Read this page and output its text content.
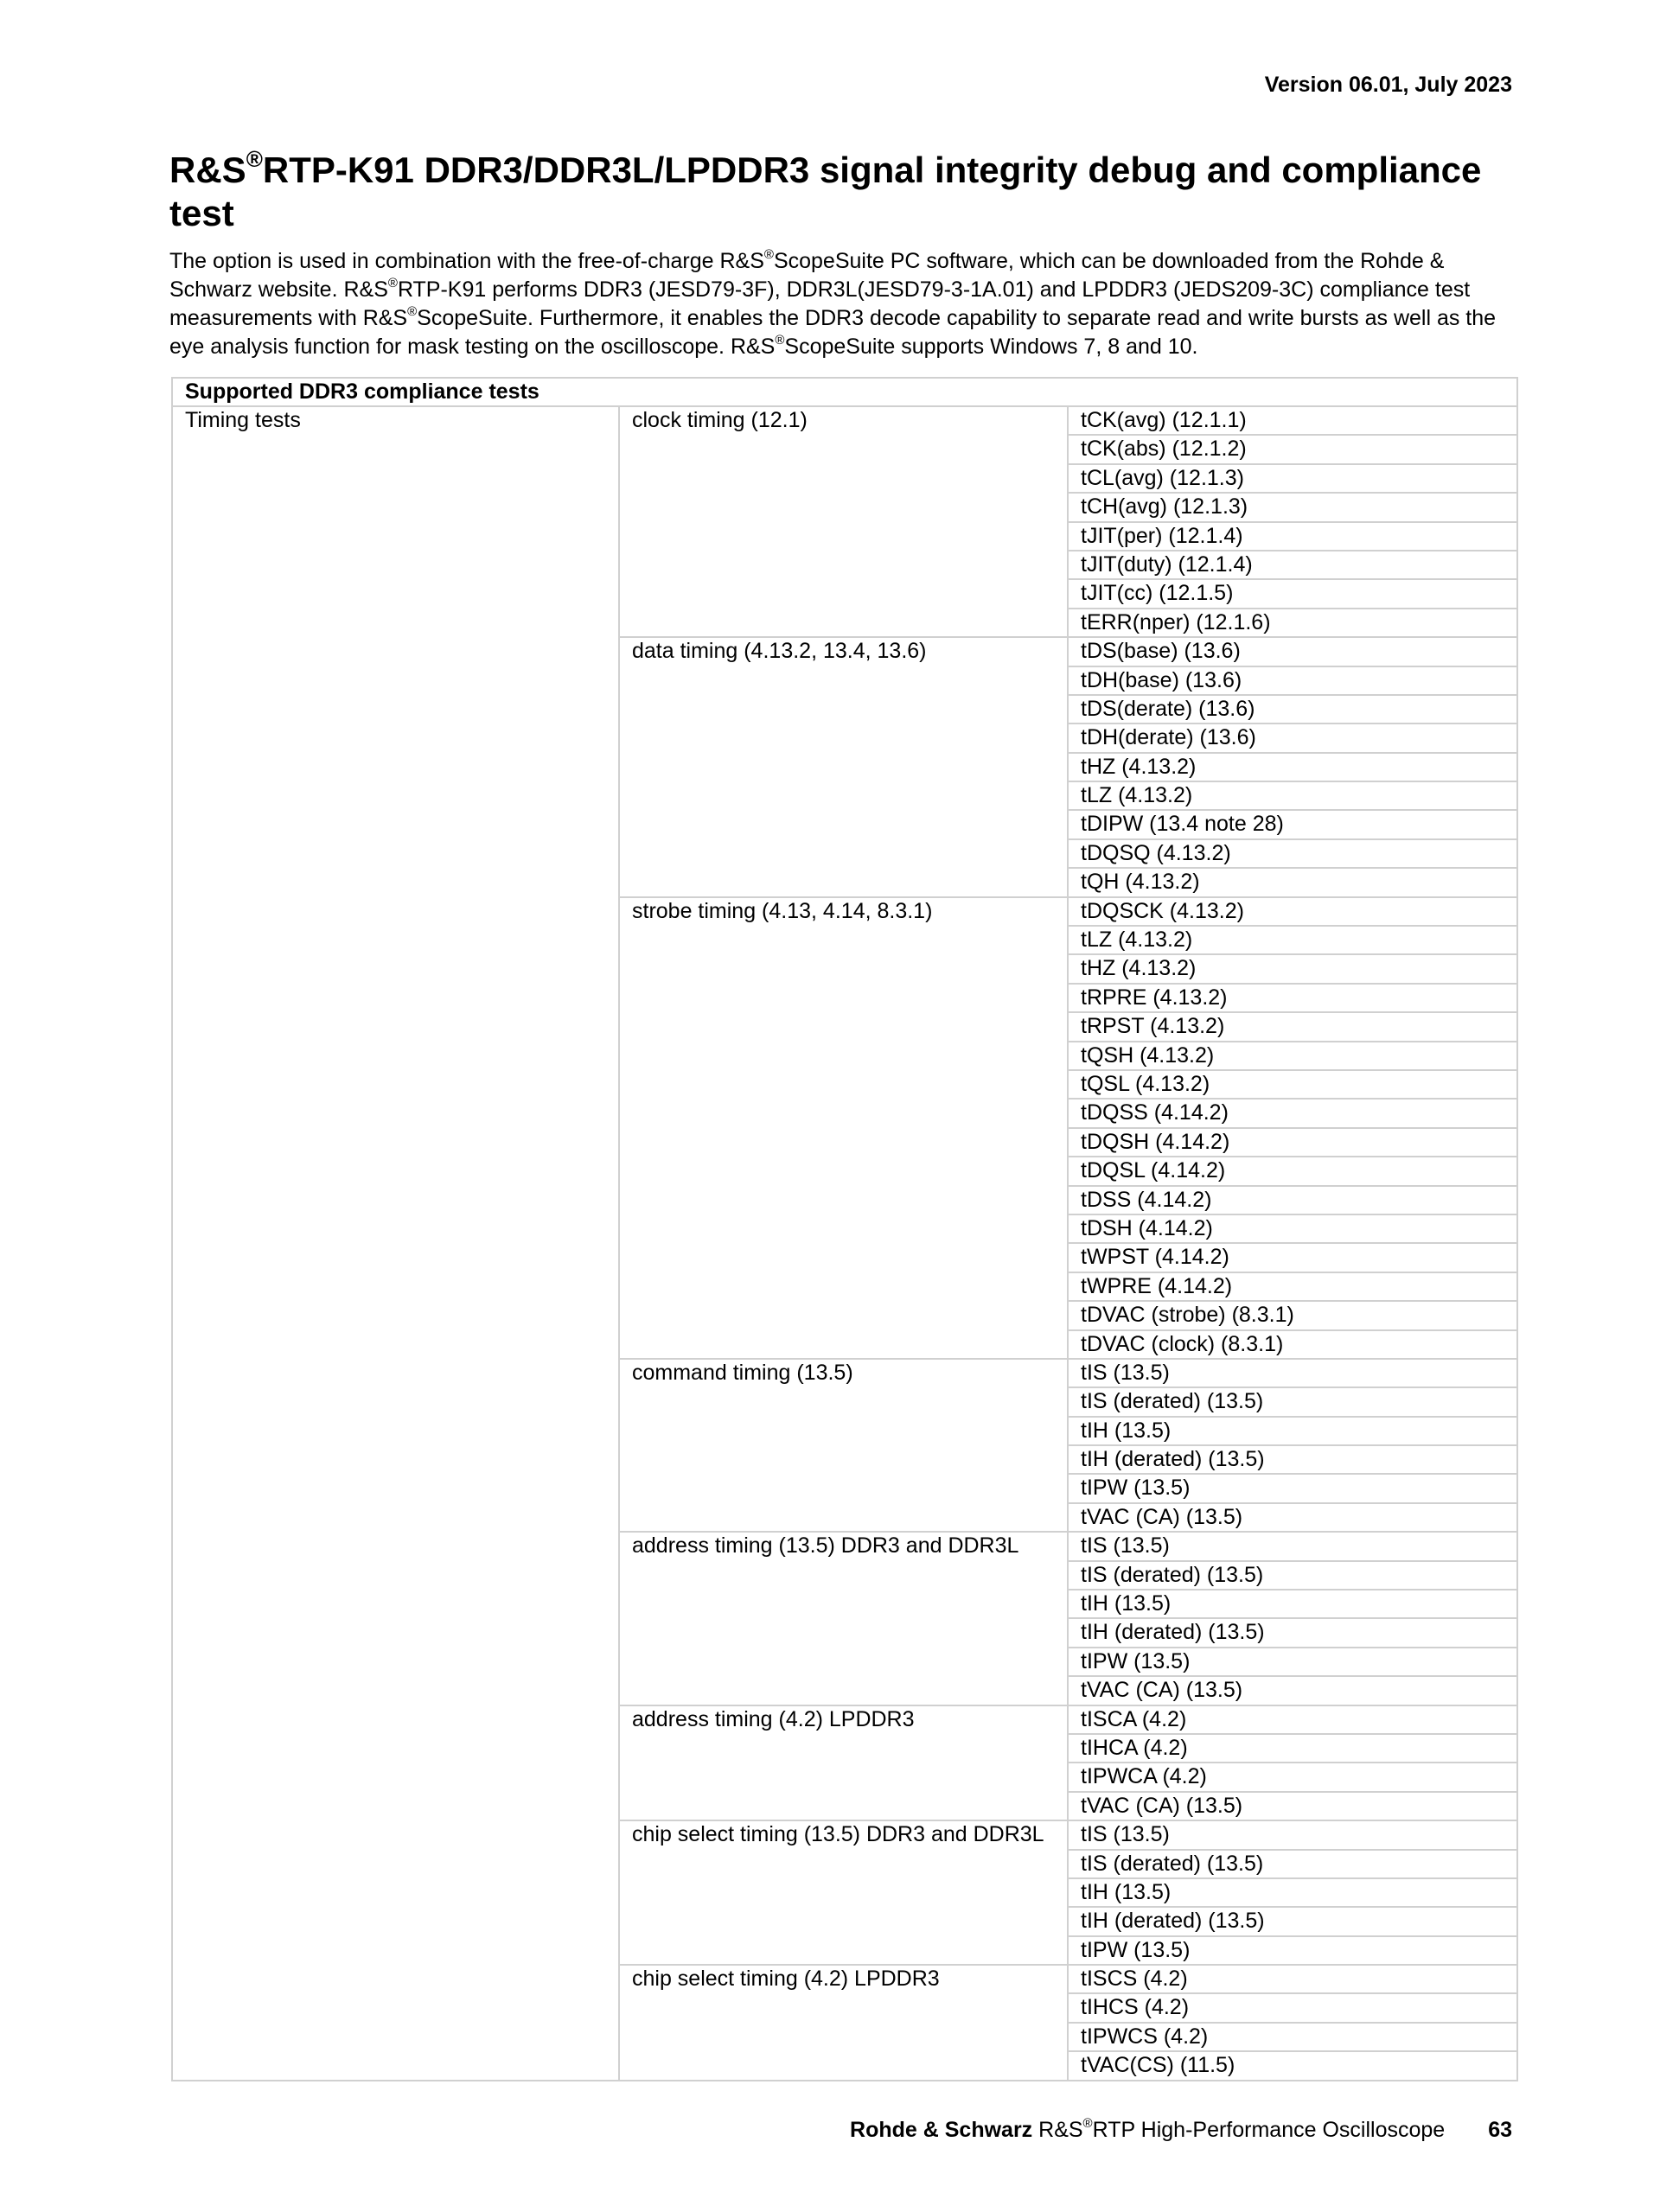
Version 06.01, July 2023
R&S®RTP-K91 DDR3/DDR3L/LPDDR3 signal integrity debug and compliance test

The option is used in combination with the free-of-charge R&S®ScopeSuite PC software, which can be downloaded from the Rohde & Schwarz website. R&S®RTP-K91 performs DDR3 (JESD79-3F), DDR3L(JESD79-3-1A.01) and LPDDR3 (JEDS209-3C) compliance test measurements with R&S®ScopeSuite. Furthermore, it enables the DDR3 decode capability to separate read and write bursts as well as the eye analysis function for mask testing on the oscilloscope. R&S®ScopeSuite supports Windows 7, 8 and 10.

Supported DDR3 compliance tests		
Timing tests	clock timing (12.1)	tCK(avg) (12.1.1)
		tCK(abs) (12.1.2)
		tCL(avg) (12.1.3)
		tCH(avg) (12.1.3)
		tJIT(per) (12.1.4)
		tJIT(duty) (12.1.4)
		tJIT(cc) (12.1.5)
		tERR(nper) (12.1.6)
	data timing (4.13.2, 13.4, 13.6)	tDS(base) (13.6)
		tDH(base) (13.6)
		tDS(derate) (13.6)
		tDH(derate) (13.6)
		tHZ (4.13.2)
		tLZ (4.13.2)
		tDIPW (13.4 note 28)
		tDQSQ (4.13.2)
		tQH (4.13.2)
	strobe timing (4.13, 4.14, 8.3.1)	tDQSCK (4.13.2)
		tLZ (4.13.2)
		tHZ (4.13.2)
		tRPRE (4.13.2)
		tRPST (4.13.2)
		tQSH (4.13.2)
		tQSL (4.13.2)
		tDQSS (4.14.2)
		tDQSH (4.14.2)
		tDQSL (4.14.2)
		tDSS (4.14.2)
		tDSH (4.14.2)
		tWPST (4.14.2)
		tWPRE (4.14.2)
		tDVAC (strobe) (8.3.1)
		tDVAC (clock) (8.3.1)
	command timing (13.5)	tIS (13.5)
		tIS (derated) (13.5)
		tIH (13.5)
		tIH (derated) (13.5)
		tIPW (13.5)
		tVAC (CA) (13.5)
	address timing (13.5) DDR3 and DDR3L	tIS (13.5)
		tIS (derated) (13.5)
		tIH (13.5)
		tIH (derated) (13.5)
		tIPW (13.5)
		tVAC (CA) (13.5)
	address timing (4.2) LPDDR3	tISCA (4.2)
		tIHCA (4.2)
		tIPWCA (4.2)
		tVAC (CA) (13.5)
	chip select timing (13.5) DDR3 and DDR3L	tIS (13.5)
		tIS (derated) (13.5)
		tIH (13.5)
		tIH (derated) (13.5)
		tIPW (13.5)
	chip select timing (4.2) LPDDR3	tISCS (4.2)
		tIHCS (4.2)
		tIPWCS (4.2)
		tVAC(CS) (11.5)
Rohde & Schwarz R&S®RTP High-Performance Oscilloscope 63
